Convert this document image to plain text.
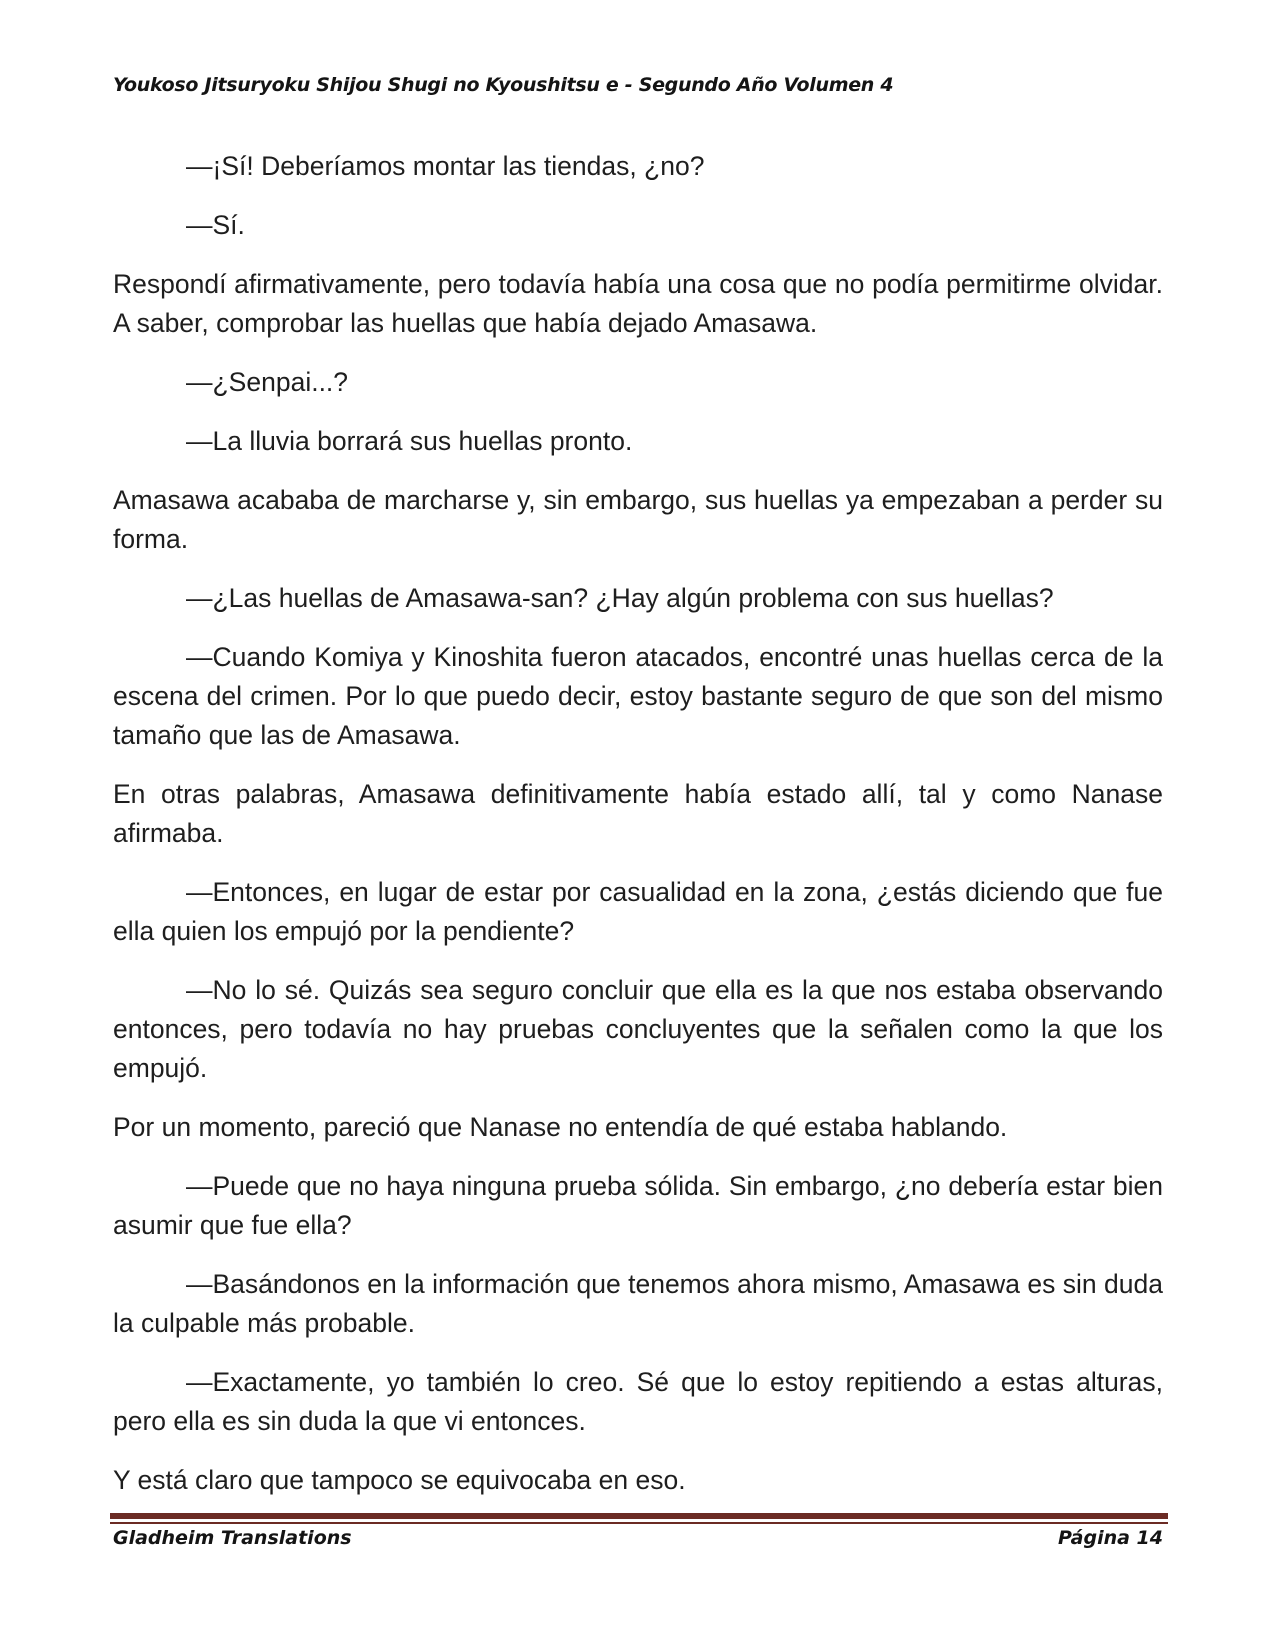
Youkoso Jitsuryoku Shijou Shugi no Kyoushitsu e - Segundo Año Volumen 4

—¡Sí! Deberíamos montar las tiendas, ¿no?

—Sí.

Respondí afirmativamente, pero todavía había una cosa que no podía permitirme olvidar. A saber, comprobar las huellas que había dejado Amasawa.

—¿Senpai...?

—La lluvia borrará sus huellas pronto.

Amasawa acababa de marcharse y, sin embargo, sus huellas ya empezaban a perder su forma.

—¿Las huellas de Amasawa-san? ¿Hay algún problema con sus huellas?

—Cuando Komiya y Kinoshita fueron atacados, encontré unas huellas cerca de la escena del crimen. Por lo que puedo decir, estoy bastante seguro de que son del mismo tamaño que las de Amasawa.

En otras palabras, Amasawa definitivamente había estado allí, tal y como Nanase afirmaba.

—Entonces, en lugar de estar por casualidad en la zona, ¿estás diciendo que fue ella quien los empujó por la pendiente?

—No lo sé. Quizás sea seguro concluir que ella es la que nos estaba observando entonces, pero todavía no hay pruebas concluyentes que la señalen como la que los empujó.

Por un momento, pareció que Nanase no entendía de qué estaba hablando.

—Puede que no haya ninguna prueba sólida. Sin embargo, ¿no debería estar bien asumir que fue ella?

—Basándonos en la información que tenemos ahora mismo, Amasawa es sin duda la culpable más probable.

—Exactamente, yo también lo creo. Sé que lo estoy repitiendo a estas alturas, pero ella es sin duda la que vi entonces.

Y está claro que tampoco se equivocaba en eso.

Gladheim Translations	Página 14
